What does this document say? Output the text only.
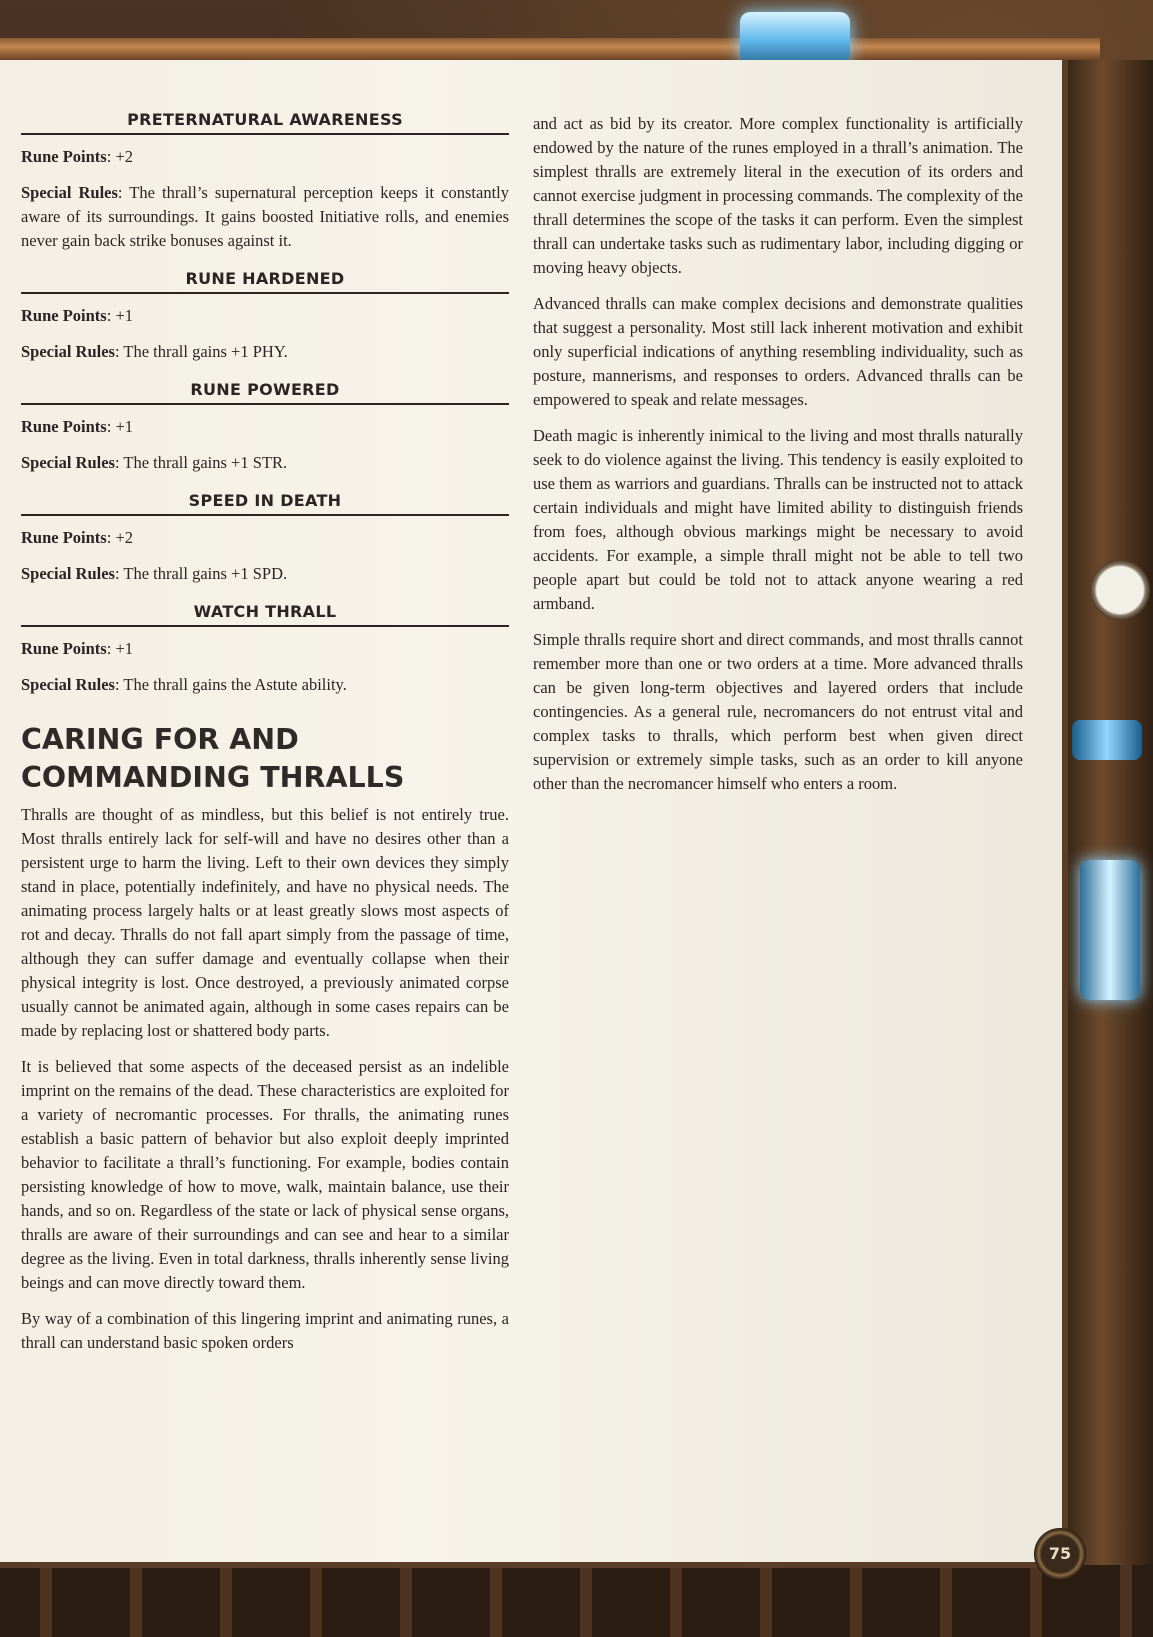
PRETERNATURAL AWARENESS

Rune Points: +2

Special Rules: The thrall’s supernatural perception keeps it constantly aware of its surroundings. It gains boosted Initiative rolls, and enemies never gain back strike bonuses against it.

RUNE HARDENED

Rune Points: +1

Special Rules: The thrall gains +1 PHY.

RUNE POWERED

Rune Points: +1

Special Rules: The thrall gains +1 STR.

SPEED IN DEATH

Rune Points: +2

Special Rules: The thrall gains +1 SPD.

WATCH THRALL

Rune Points: +1

Special Rules: The thrall gains the Astute ability.

CARING FOR AND
COMMANDING THRALLS

Thralls are thought of as mindless, but this belief is not entirely true. Most thralls entirely lack for self-will and have no desires other than a persistent urge to harm the living. Left to their own devices they simply stand in place, potentially indefinitely, and have no physical needs. The animating process largely halts or at least greatly slows most aspects of rot and decay. Thralls do not fall apart simply from the passage of time, although they can suffer damage and eventually collapse when their physical integrity is lost. Once destroyed, a previously animated corpse usually cannot be animated again, although in some cases repairs can be made by replacing lost or shattered body parts.

It is believed that some aspects of the deceased persist as an indelible imprint on the remains of the dead. These characteristics are exploited for a variety of necromantic processes. For thralls, the animating runes establish a basic pattern of behavior but also exploit deeply imprinted behavior to facilitate a thrall’s functioning. For example, bodies contain persisting knowledge of how to move, walk, maintain balance, use their hands, and so on. Regardless of the state or lack of physical sense organs, thralls are aware of their surroundings and can see and hear to a similar degree as the living. Even in total darkness, thralls inherently sense living beings and can move directly toward them.

By way of a combination of this lingering imprint and animating runes, a thrall can understand basic spoken orders

and act as bid by its creator. More complex functionality is artificially endowed by the nature of the runes employed in a thrall’s animation. The simplest thralls are extremely literal in the execution of its orders and cannot exercise judgment in processing commands. The complexity of the thrall determines the scope of the tasks it can perform. Even the simplest thrall can undertake tasks such as rudimentary labor, including digging or moving heavy objects.

Advanced thralls can make complex decisions and demonstrate qualities that suggest a personality. Most still lack inherent motivation and exhibit only superficial indications of anything resembling individuality, such as posture, mannerisms, and responses to orders. Advanced thralls can be empowered to speak and relate messages.

Death magic is inherently inimical to the living and most thralls naturally seek to do violence against the living. This tendency is easily exploited to use them as warriors and guardians. Thralls can be instructed not to attack certain individuals and might have limited ability to distinguish friends from foes, although obvious markings might be necessary to avoid accidents. For example, a simple thrall might not be able to tell two people apart but could be told not to attack anyone wearing a red armband.

Simple thralls require short and direct commands, and most thralls cannot remember more than one or two orders at a time. More advanced thralls can be given long-term objectives and layered orders that include contingencies. As a general rule, necromancers do not entrust vital and complex tasks to thralls, which perform best when given direct supervision or extremely simple tasks, such as an order to kill anyone other than the necromancer himself who enters a room.

75
